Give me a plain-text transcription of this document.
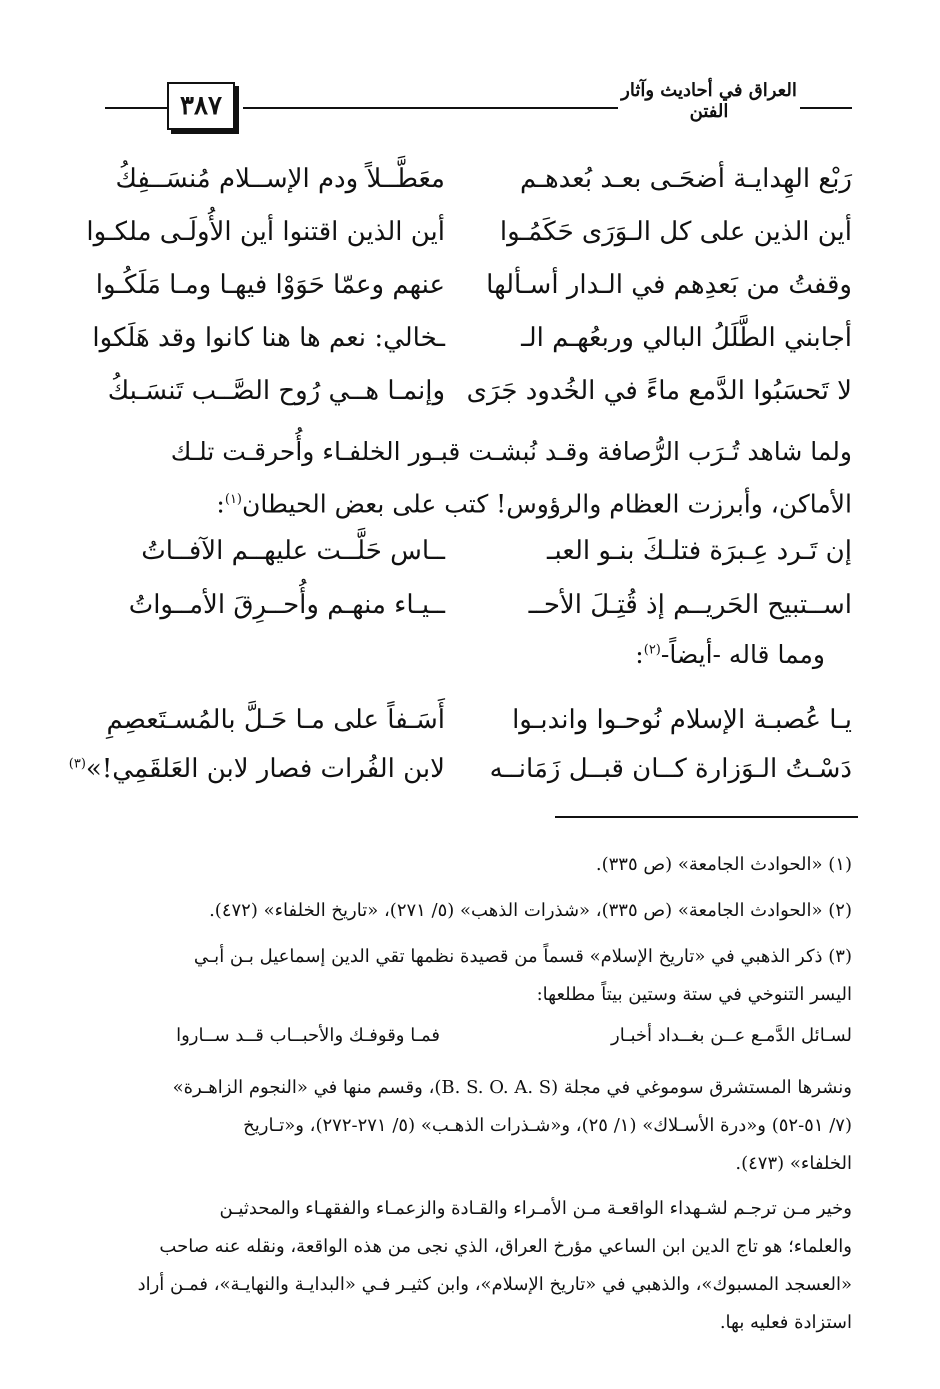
٣٨٧
العراق في أحاديث وآثار الفتن
رَبْع الهِدايـة أضحَـى بعـد بُعدهـم
معَطَّــلاً ودم الإســلام مُنسَــفِكُ
أين الذين على كل الـوَرَى حَكَمُـوا
أين الذين اقتنوا أين الأُولَـى ملكـوا
وقفتُ من بَعدِهم في الـدار أسـألها
عنهم وعمّا حَوَوْا فيهـا ومـا مَلَكُـوا
أجابني الطَّلَلُ البالي وربعُهـم الـ
ـخالي: نعم ها هنا كانوا وقد هَلَكوا
لا تَحسَبُوا الدَّمع ماءً في الخُدود جَرَى
وإنمـا هــي رُوح الصَّــب تَنسَـبكُ
ولما شاهد تُـرَب الرُّصافة وقـد نُبشـت قبـور الخلفـاء وأُحرقـت تلـك
الأماكن، وأبرزت العظام والرؤوس! كتب على بعض الحيطان$^{(١)}$:
إن تَـرد عِـبرَة فتلـكَ بنـو العبـ
ــاس حَلَّــت عليهــم الآفــاتُ
اســتبيح الحَريــم إذ قُتِـلَ الأحــ
ــيـاء منهـم وأُحــرِقَ الأمــواتُ
ومما قاله -أيضاً-$^{(٢)}$:
يـا عُصبـة الإسلام نُوحـوا واندبـوا
أَسَـفاً على مـا حَـلَّ بالمُسـتَعصِمِ
دَسْـتُ الـوَزارة كــان قبــل زَمَانــه
لابن الفُرات فصار لابن العَلقَمِي!»$^{(٣)}$
(١) «الحوادث الجامعة» (ص ٣٣٥).
(٢) «الحوادث الجامعة» (ص ٣٣٥)، «شذرات الذهب» (٥/ ٢٧١)، «تاريخ الخلفاء» (٤٧٢).
(٣) ذكر الذهبي في «تاريخ الإسلام» قسماً من قصيدة نظمها تقي الدين إسماعيل بـن أبـي
اليسر التنوخي في ستة وستين بيتاً مطلعها:
لسـائل الدَّمـع عــن بغــداد أخبـار
فمـا وقوفـك والأحبــاب قــد ســاروا
ونشرها المستشرق سوموغي في مجلة (B. S. O. A. S)، وقسم منها في «النجوم الزاهـرة»
(٧/ ٥١-٥٢) و«درة الأسـلاك» (١/ ٢٥)، و«شـذرات الذهـب» (٥/ ٢٧١-٢٧٢)، و«تـاريخ
الخلفاء» (٤٧٣).
وخير مـن ترجـم لشـهداء الواقعـة مـن الأمـراء والقـادة والزعمـاء والفقهـاء والمحدثيـن
والعلماء؛ هو تاج الدين ابن الساعي مؤرخ العراق، الذي نجى من هذه الواقعة، ونقله عنه صاحب
«العسجد المسبوك»، والذهبي في «تاريخ الإسلام»، وابن كثيـر فـي «البدايـة والنهايـة»، فمـن أراد
استزادة فعليه بها.
